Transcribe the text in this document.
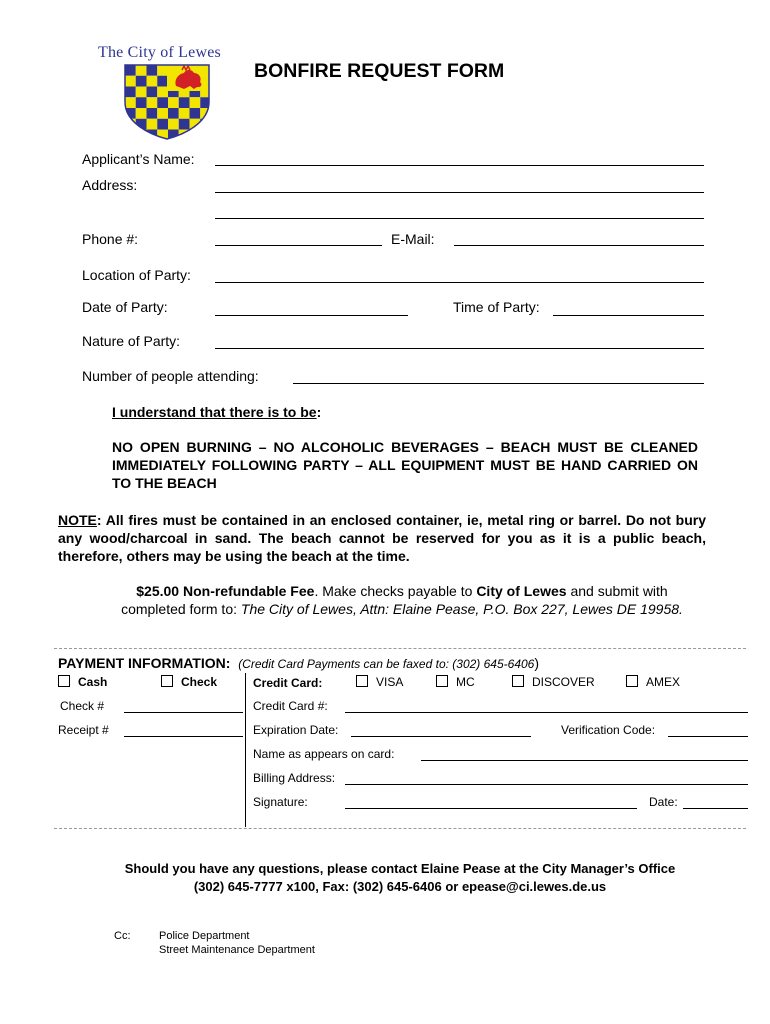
The City of Lewes
BONFIRE REQUEST FORM
Applicant’s Name:
Address:
Phone #:	E-Mail:
Location of Party:
Date of Party:	Time of Party:
Nature of Party:
Number of people attending:
I understand that there is to be:
NO OPEN BURNING – NO ALCOHOLIC BEVERAGES – BEACH MUST BE CLEANED IMMEDIATELY FOLLOWING PARTY – ALL EQUIPMENT MUST BE HAND CARRIED ON TO THE BEACH
NOTE: All fires must be contained in an enclosed container, ie, metal ring or barrel. Do not bury any wood/charcoal in sand. The beach cannot be reserved for you as it is a public beach, therefore, others may be using the beach at the time.
$25.00 Non-refundable Fee. Make checks payable to City of Lewes and submit with completed form to: The City of Lewes, Attn: Elaine Pease, P.O. Box 227, Lewes DE 19958.
PAYMENT INFORMATION: (Credit Card Payments can be faxed to: (302) 645-6406)
Cash	Check	Credit Card:	VISA	MC	DISCOVER	AMEX
Check #	Credit Card #:
Receipt #	Expiration Date:	Verification Code:
Name as appears on card:
Billing Address:
Signature:	Date:
Should you have any questions, please contact Elaine Pease at the City Manager’s Office
(302) 645-7777 x100, Fax: (302) 645-6406 or epease@ci.lewes.de.us
Cc:	Police Department
Street Maintenance Department
